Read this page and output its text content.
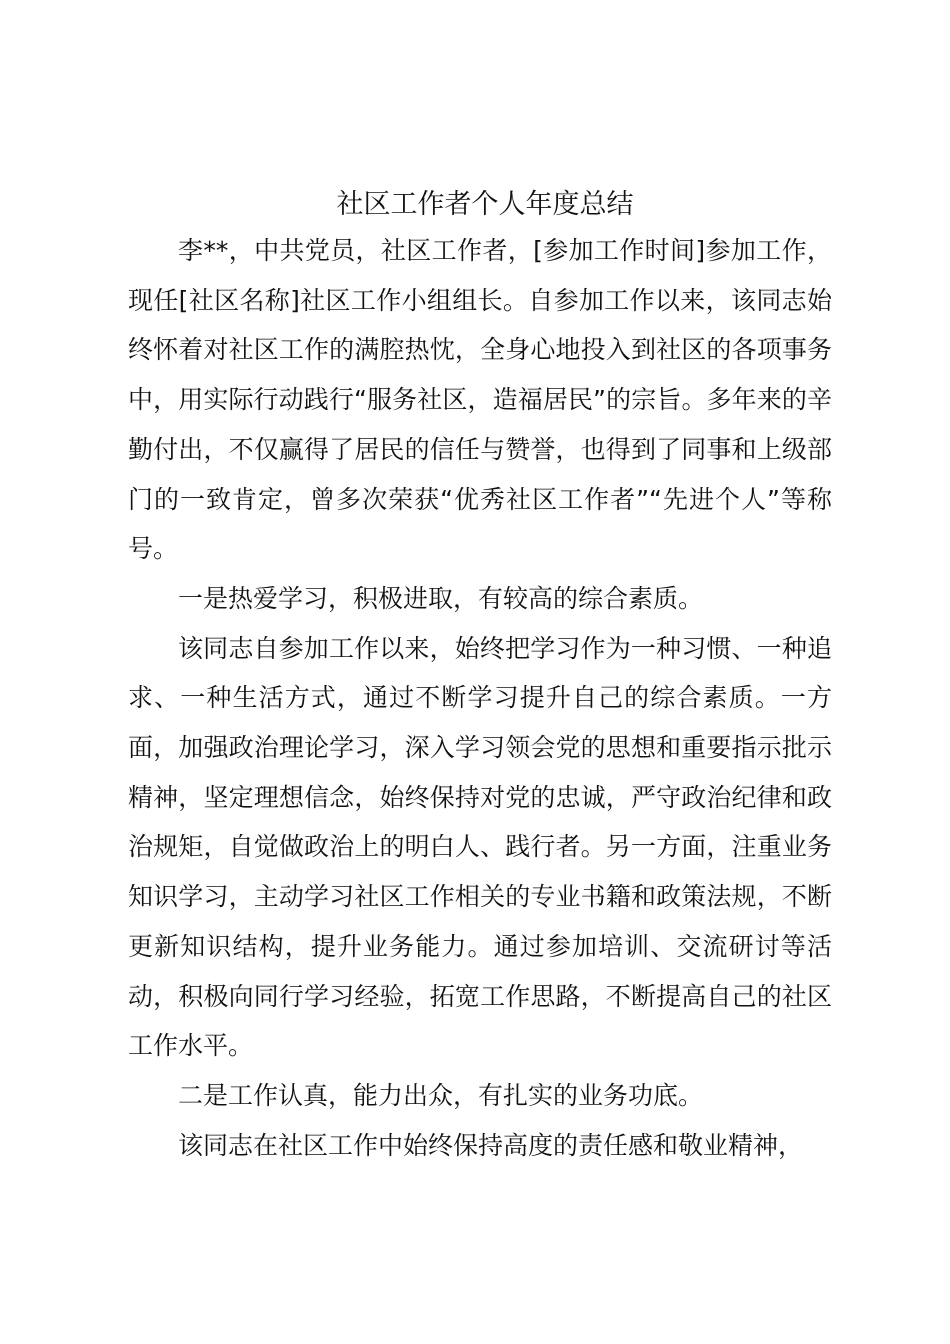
社区工作者个人年度总结

李**，中共党员，社区工作者，[参加工作时间]参加工作，现任[社区名称]社区工作小组组长。自参加工作以来，该同志始终怀着对社区工作的满腔热忱，全身心地投入到社区的各项事务中，用实际行动践行“服务社区，造福居民”的宗旨。多年来的辛勤付出，不仅赢得了居民的信任与赞誉，也得到了同事和上级部门的一致肯定，曾多次荣获“优秀社区工作者”“先进个人”等称号。

一是热爱学习，积极进取，有较高的综合素质。

该同志自参加工作以来，始终把学习作为一种习惯、一种追求、一种生活方式，通过不断学习提升自己的综合素质。一方面，加强政治理论学习，深入学习领会党的思想和重要指示批示精神，坚定理想信念，始终保持对党的忠诚，严守政治纪律和政治规矩，自觉做政治上的明白人、践行者。另一方面，注重业务知识学习，主动学习社区工作相关的专业书籍和政策法规，不断更新知识结构，提升业务能力。通过参加培训、交流研讨等活动，积极向同行学习经验，拓宽工作思路，不断提高自己的社区工作水平。

二是工作认真，能力出众，有扎实的业务功底。

该同志在社区工作中始终保持高度的责任感和敬业精神，
